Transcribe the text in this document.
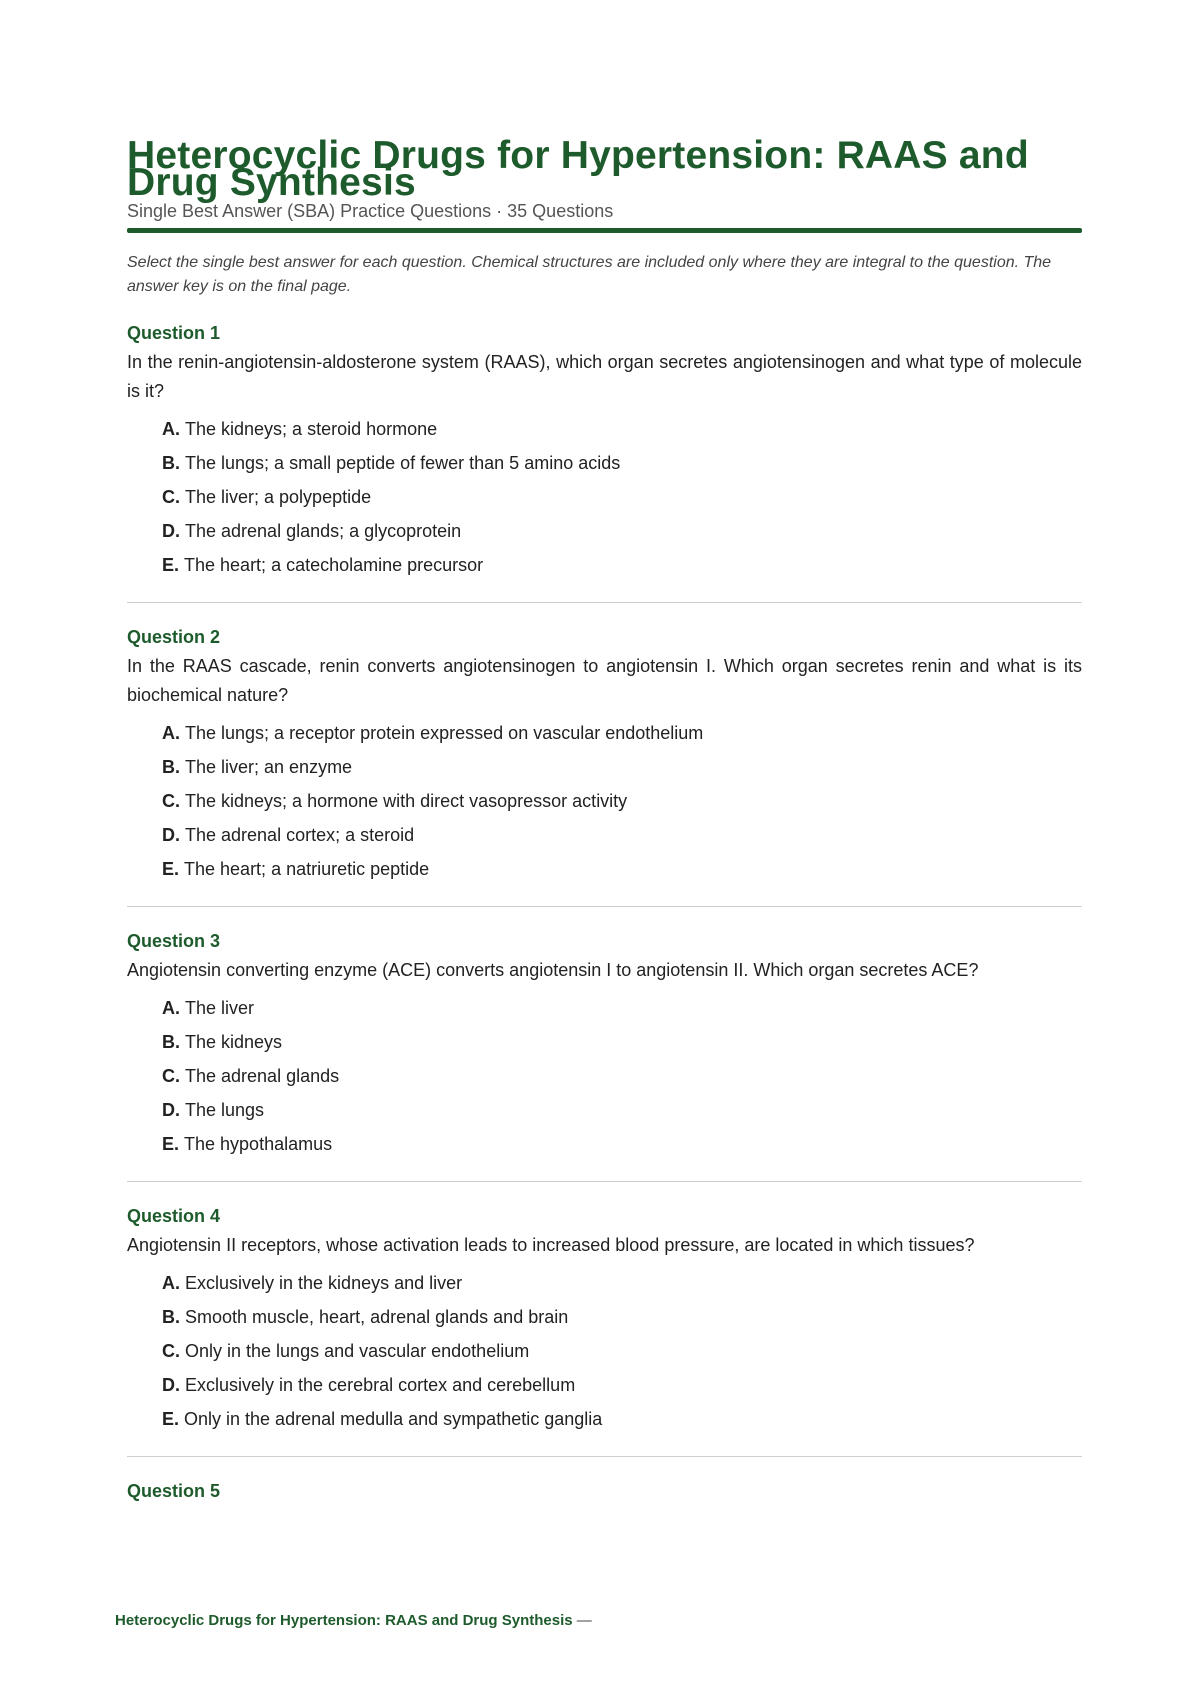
Heterocyclic Drugs for Hypertension: RAAS and Drug Synthesis
Single Best Answer (SBA) Practice Questions · 35 Questions
Select the single best answer for each question. Chemical structures are included only where they are integral to the question. The answer key is on the final page.
Question 1
In the renin-angiotensin-aldosterone system (RAAS), which organ secretes angiotensinogen and what type of molecule is it?
A. The kidneys; a steroid hormone
B. The lungs; a small peptide of fewer than 5 amino acids
C. The liver; a polypeptide
D. The adrenal glands; a glycoprotein
E. The heart; a catecholamine precursor
Question 2
In the RAAS cascade, renin converts angiotensinogen to angiotensin I. Which organ secretes renin and what is its biochemical nature?
A. The lungs; a receptor protein expressed on vascular endothelium
B. The liver; an enzyme
C. The kidneys; a hormone with direct vasopressor activity
D. The adrenal cortex; a steroid
E. The heart; a natriuretic peptide
Question 3
Angiotensin converting enzyme (ACE) converts angiotensin I to angiotensin II. Which organ secretes ACE?
A. The liver
B. The kidneys
C. The adrenal glands
D. The lungs
E. The hypothalamus
Question 4
Angiotensin II receptors, whose activation leads to increased blood pressure, are located in which tissues?
A. Exclusively in the kidneys and liver
B. Smooth muscle, heart, adrenal glands and brain
C. Only in the lungs and vascular endothelium
D. Exclusively in the cerebral cortex and cerebellum
E. Only in the adrenal medulla and sympathetic ganglia
Question 5
Heterocyclic Drugs for Hypertension: RAAS and Drug Synthesis —
